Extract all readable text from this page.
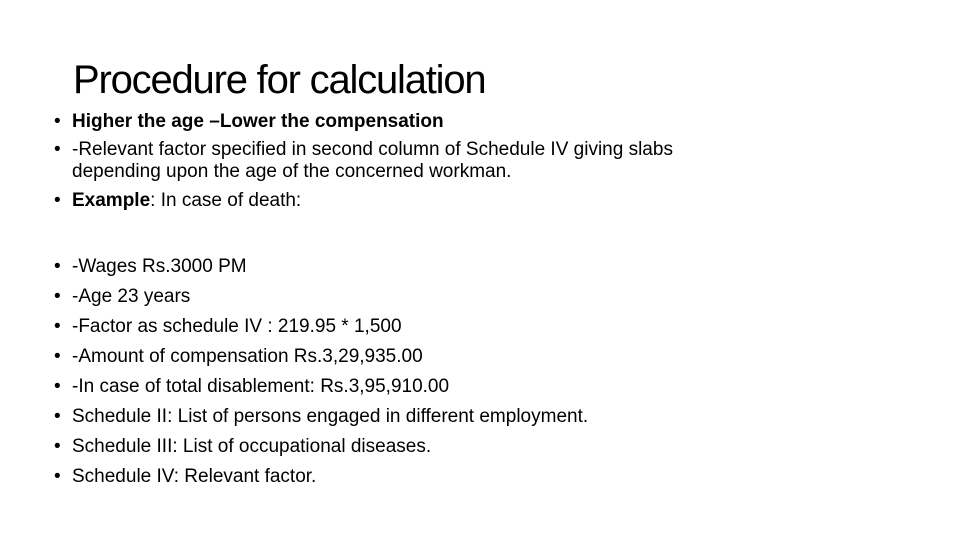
Procedure for calculation
• Higher the age –Lower the compensation
• -Relevant factor specified in second column of Schedule IV giving slabs
depending upon the age of the concerned workman.
• Example: In case of death:
• -Wages Rs.3000 PM
• -Age 23 years
• -Factor as schedule IV : 219.95 * 1,500
• -Amount of compensation Rs.3,29,935.00
• -In case of total disablement: Rs.3,95,910.00
• Schedule II: List of persons engaged in different employment.
• Schedule III: List of occupational diseases.
• Schedule IV: Relevant factor.
